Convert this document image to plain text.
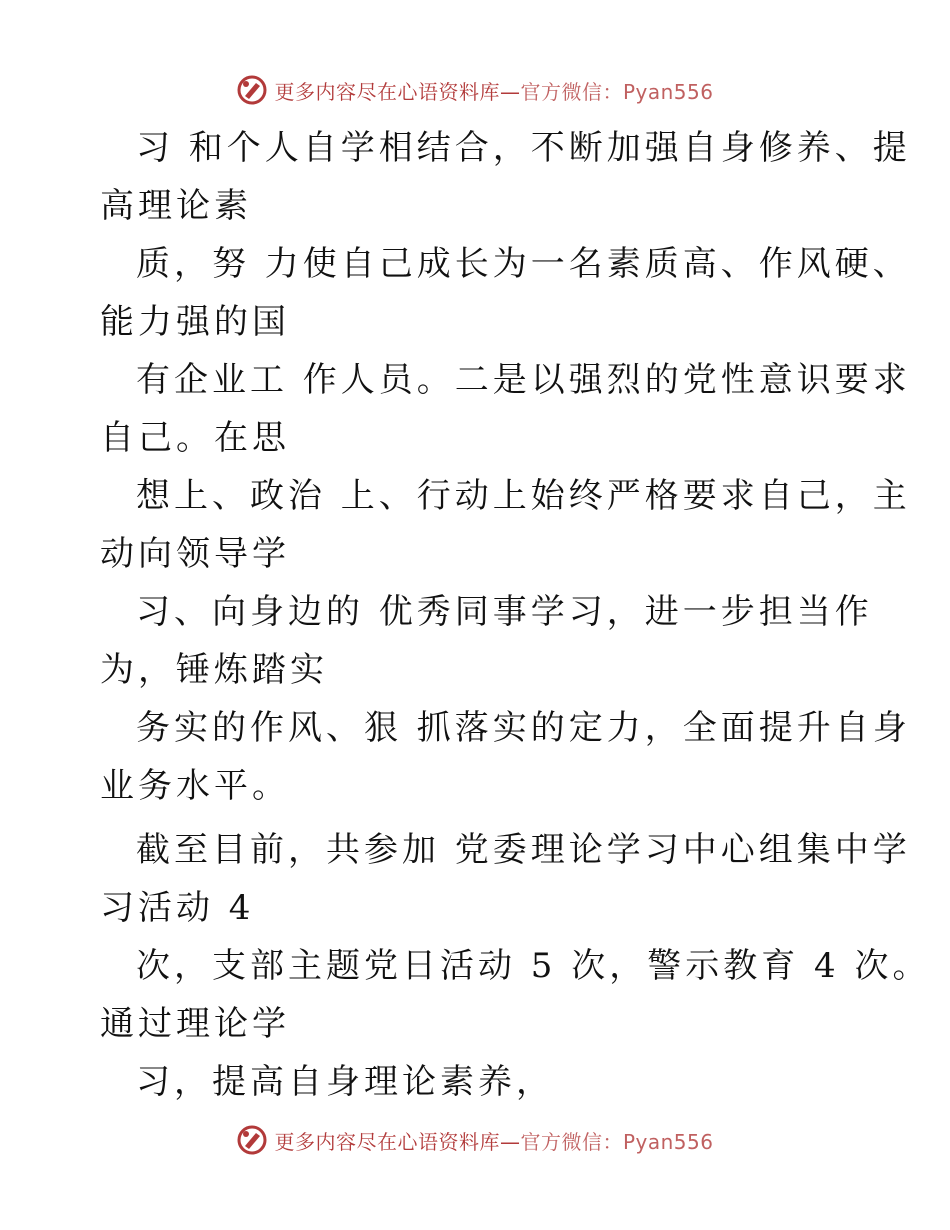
更多内容尽在心语资料库—官方微信：Pyan556
习 和个人自学相结合，不断加强自身修养、提
高理论素
质，努 力使自己成长为一名素质高、作风硬、
能力强的国
有企业工 作人员。二是以强烈的党性意识要求
自己。在思
想上、政治 上、行动上始终严格要求自己，主
动向领导学
习、向身边的 优秀同事学习，进一步担当作
为，锤炼踏实
务实的作风、狠 抓落实的定力，全面提升自身
业务水平。
截至目前，共参加 党委理论学习中心组集中学
习活动 4
次，支部主题党日活动 5 次，警示教育 4 次。
通过理论学
习，提高自身理论素养，
更多内容尽在心语资料库—官方微信：Pyan556
